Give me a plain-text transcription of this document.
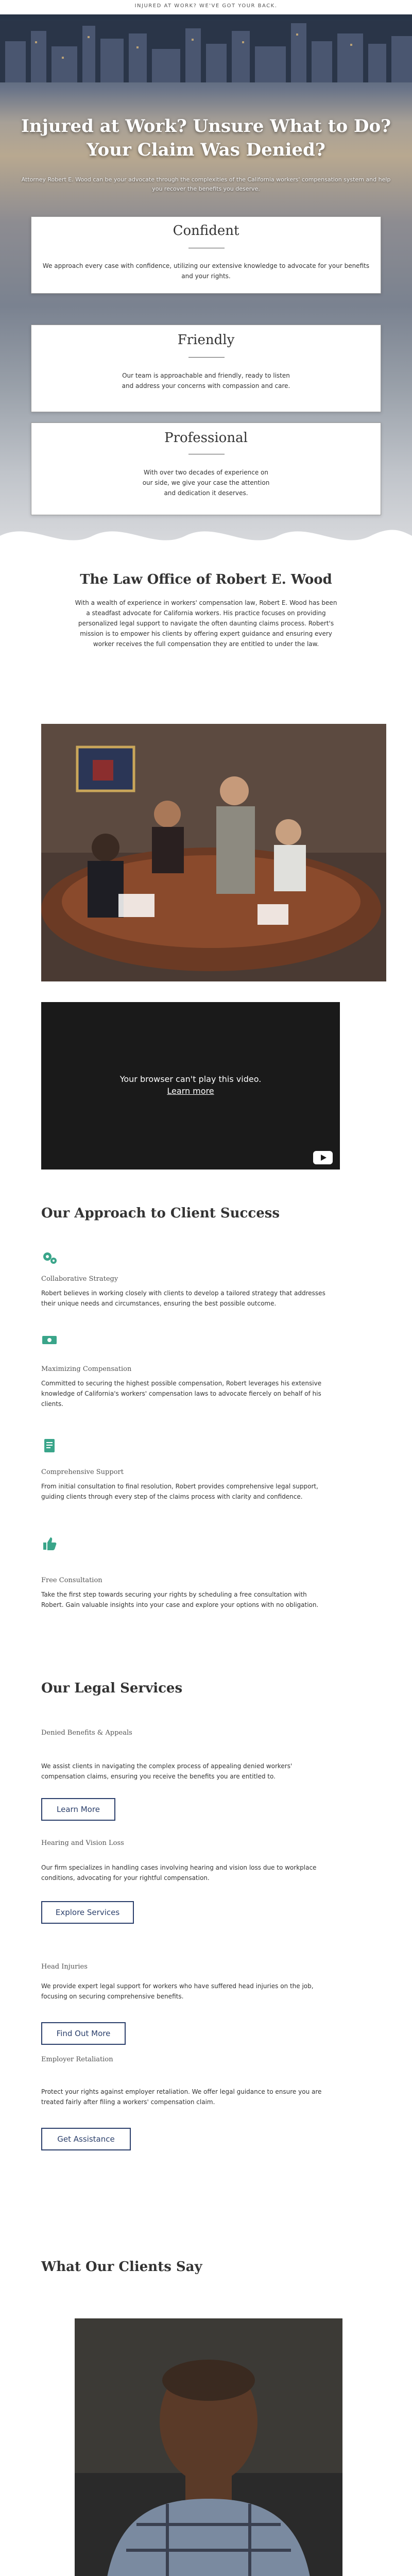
INJURED AT WORK? WE'VE GOT YOUR BACK.
Injured at Work? Unsure What to Do? Your Claim Was Denied?

Attorney Robert E. Wood can be your advocate through the complexities of the California workers' compensation system and help you recover the benefits you deserve.

Confident
We approach every case with confidence, utilizing our extensive knowledge to advocate for your benefits and your rights.
Friendly
Our team is approachable and friendly, ready to listen and address your concerns with compassion and care.
Professional
With over two decades of experience on our side, we give your case the attention and dedication it deserves.
The Law Office of Robert E. Wood

With a wealth of experience in workers' compensation law, Robert E. Wood has been a steadfast advocate for California workers. His practice focuses on providing personalized legal support to navigate the often daunting claims process. Robert's mission is to empower his clients by offering expert guidance and ensuring every worker receives the full compensation they are entitled to under the law.

Your browser can't play this video.
Learn more
Our Approach to Client Success
Collaborative Strategy
Robert believes in working closely with clients to develop a tailored strategy that addresses their unique needs and circumstances, ensuring the best possible outcome.
Maximizing Compensation
Committed to securing the highest possible compensation, Robert leverages his extensive knowledge of California's workers' compensation laws to advocate fiercely on behalf of his clients.
Comprehensive Support
From initial consultation to final resolution, Robert provides comprehensive legal support, guiding clients through every step of the claims process with clarity and confidence.
Free Consultation
Take the first step towards securing your rights by scheduling a free consultation with Robert. Gain valuable insights into your case and explore your options with no obligation.
Our Legal Services
Denied Benefits & Appeals
We assist clients in navigating the complex process of appealing denied workers' compensation claims, ensuring you receive the benefits you are entitled to.
Learn More
Hearing and Vision Loss
Our firm specializes in handling cases involving hearing and vision loss due to workplace conditions, advocating for your rightful compensation.
Explore Services
Head Injuries
We provide expert legal support for workers who have suffered head injuries on the job, focusing on securing comprehensive benefits.
Find Out More
Employer Retaliation
Protect your rights against employer retaliation. We offer legal guidance to ensure you are treated fairly after filing a workers' compensation claim.
Get Assistance
What Our Clients Say
